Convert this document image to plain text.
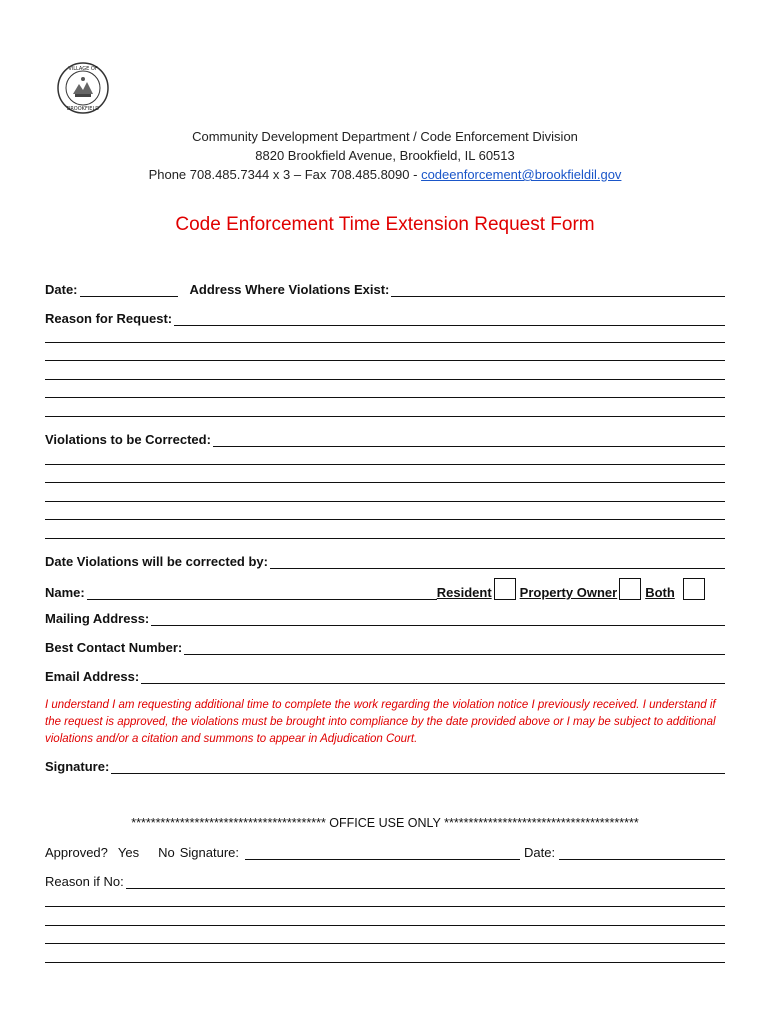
VILLAGE OF
BROOKFIELD
Community Development Department / Code Enforcement Division
8820 Brookfield Avenue, Brookfield, IL 60513
Phone 708.485.7344 x 3 – Fax 708.485.8090 - codeenforcement@brookfieldil.gov
Code Enforcement Time Extension Request Form
Date:	Address Where Violations Exist:
Reason for Request:
Violations to be Corrected:
Date Violations will be corrected by:
Name:	Resident Property Owner Both
Mailing Address:
Best Contact Number:
Email Address:
I understand I am requesting additional time to complete the work regarding the violation notice I previously received. I understand if the request is approved, the violations must be brought into compliance by the date provided above or I may be subject to additional violations and/or a citation and summons to appear in Adjudication Court.
Signature:
**************************************** OFFICE USE ONLY ****************************************
Approved? Yes No Signature:	Date:
Reason if No:
